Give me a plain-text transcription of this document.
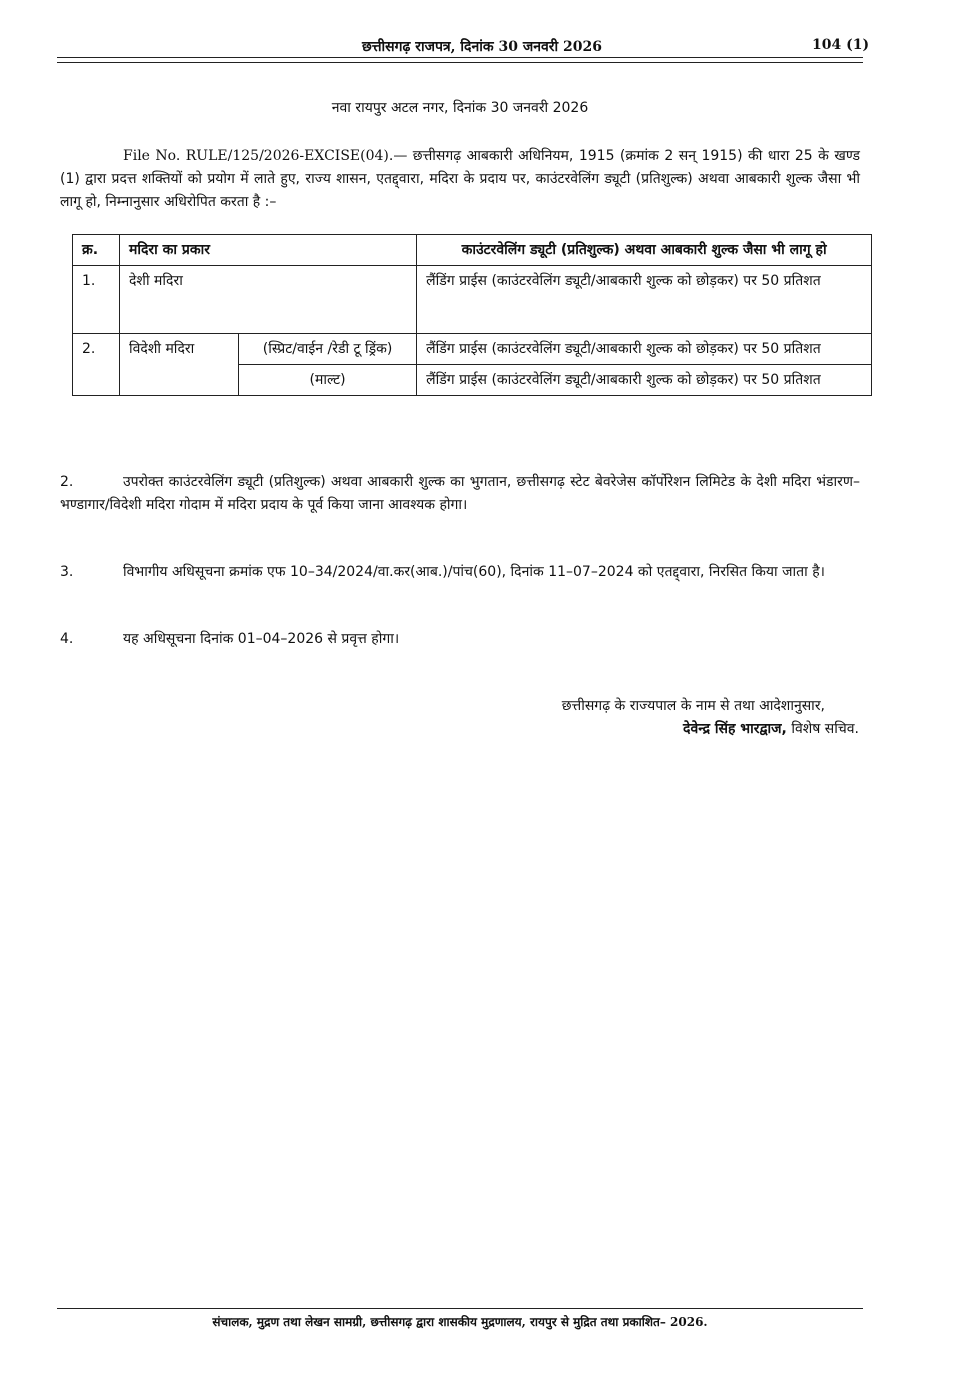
छत्तीसगढ़ राजपत्र, दिनांक 30 जनवरी 2026	104 (1)
नवा रायपुर अटल नगर, दिनांक 30 जनवरी 2026
File No. RULE/125/2026-EXCISE(04).— छत्तीसगढ़ आबकारी अधिनियम, 1915 (क्रमांक 2 सन् 1915) की धारा 25 के खण्ड (1) द्वारा प्रदत्त शक्तियों को प्रयोग में लाते हुए, राज्य शासन, एतद्द्वारा, मदिरा के प्रदाय पर, काउंटरवेलिंग ड्यूटी (प्रतिशुल्क) अथवा आबकारी शुल्क जैसा भी लागू हो, निम्नानुसार अधिरोपित करता है :–
क्र.	मदिरा का प्रकार		काउंटरवेलिंग ड्यूटी (प्रतिशुल्क) अथवा आबकारी शुल्क जैसा भी लागू हो
1.	देशी मदिरा		लैंडिंग प्राईस (काउंटरवेलिंग ड्यूटी/आबकारी शुल्क को छोड़कर) पर 50 प्रतिशत
2.	विदेशी मदिरा	(स्प्रिट/वाईन /रेडी टू ड्रिंक)	लैंडिंग प्राईस (काउंटरवेलिंग ड्यूटी/आबकारी शुल्क को छोड़कर) पर 50 प्रतिशत
		(माल्ट)	लैंडिंग प्राईस (काउंटरवेलिंग ड्यूटी/आबकारी शुल्क को छोड़कर) पर 50 प्रतिशत
2.	उपरोक्त काउंटरवेलिंग ड्यूटी (प्रतिशुल्क) अथवा आबकारी शुल्क का भुगतान, छत्तीसगढ़ स्टेट बेवरेजेस कॉर्पोरेशन लिमिटेड के देशी मदिरा भंडारण–भण्डागार/विदेशी मदिरा गोदाम में मदिरा प्रदाय के पूर्व किया जाना आवश्यक होगा।
3.	विभागीय अधिसूचना क्रमांक एफ 10–34/2024/वा.कर(आब.)/पांच(60), दिनांक 11–07–2024 को एतद्द्वारा, निरसित किया जाता है।
4.	यह अधिसूचना दिनांक 01–04–2026 से प्रवृत्त होगा।
छत्तीसगढ़ के राज्यपाल के नाम से तथा आदेशानुसार,
देवेन्द्र सिंह भारद्वाज, विशेष सचिव.
संचालक, मुद्रण तथा लेखन सामग्री, छत्तीसगढ़ द्वारा शासकीय मुद्रणालय, रायपुर से मुद्रित तथा प्रकाशित– 2026.
